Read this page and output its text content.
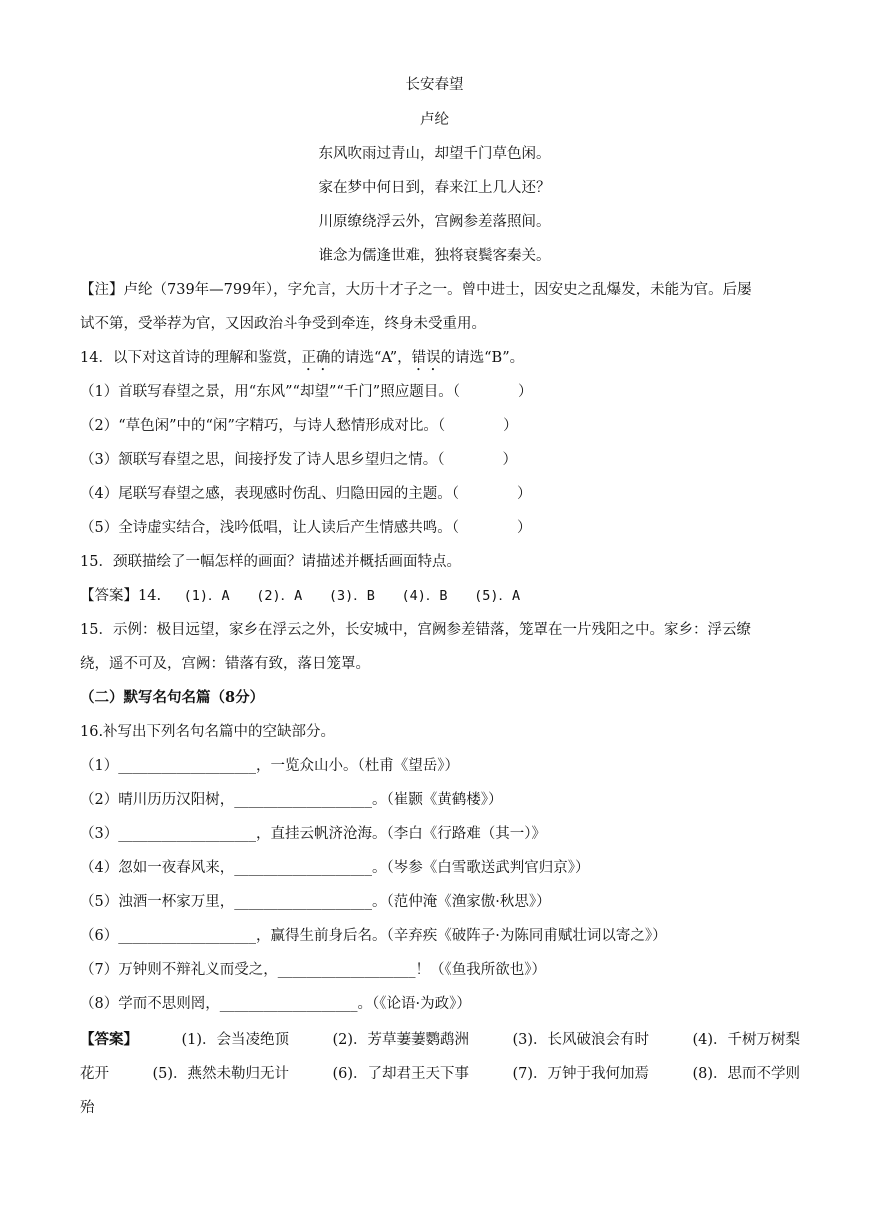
长安春望
卢纶
东风吹雨过青山，却望千门草色闲。
家在梦中何日到，春来江上几人还？
川原缭绕浮云外，宫阙参差落照间。
谁念为儒逢世难，独将衰鬓客秦关。
【注】卢纶（739年—799年），字允言，大历十才子之一。曾中进士，因安史之乱爆发，未能为官。后屡
试不第，受举荐为官，又因政治斗争受到牵连，终身未受重用。
14．以下对这首诗的理解和鉴赏，正确的请选“A”，错误的请选“B”。
（1）首联写春望之景，用“东风”“却望”“千门”照应题目。（　　　　）
（2）“草色闲”中的“闲”字精巧，与诗人愁情形成对比。（　　　　）
（3）颔联写春望之思，间接抒发了诗人思乡望归之情。（　　　　）
（4）尾联写春望之感，表现感时伤乱、归隐田园的主题。（　　　　）
（5）全诗虚实结合，浅吟低唱，让人读后产生情感共鸣。（　　　　）
15．颈联描绘了一幅怎样的画面？请描述并概括画面特点。
【答案】14. (1)．A (2)．A (3)．B (4)．B (5)．A
15．示例：极目远望，家乡在浮云之外，长安城中，宫阙参差错落，笼罩在一片残阳之中。家乡：浮云缭
绕，遥不可及，宫阙：错落有致，落日笼罩。
（二）默写名句名篇（8分）
16.补写出下列名句名篇中的空缺部分。
（1）___________________，一览众山小。（杜甫《望岳》）
（2）晴川历历汉阳树，___________________。（崔颢《黄鹤楼》）
（3）___________________，直挂云帆济沧海。（李白《行路难（其一）》
（4）忽如一夜春风来，___________________。（岑参《白雪歌送武判官归京》）
（5）浊酒一杯家万里，___________________。（范仲淹《渔家傲·秋思》）
（6）___________________，赢得生前身后名。（辛弃疾《破阵子·为陈同甫赋壮词以寄之》）
（7）万钟则不辩礼义而受之，___________________！（《鱼我所欲也》）
（8）学而不思则罔，___________________。（《论语·为政》）
【答案】	(1)．会当凌绝顶	(2)．芳草萋萋鹦鹉洲	(3)．长风破浪会有时	(4)．千树万树梨
花开	(5)．燕然未勒归无计	(6)．了却君王天下事	(7)．万钟于我何加焉	(8)．思而不学则
殆
